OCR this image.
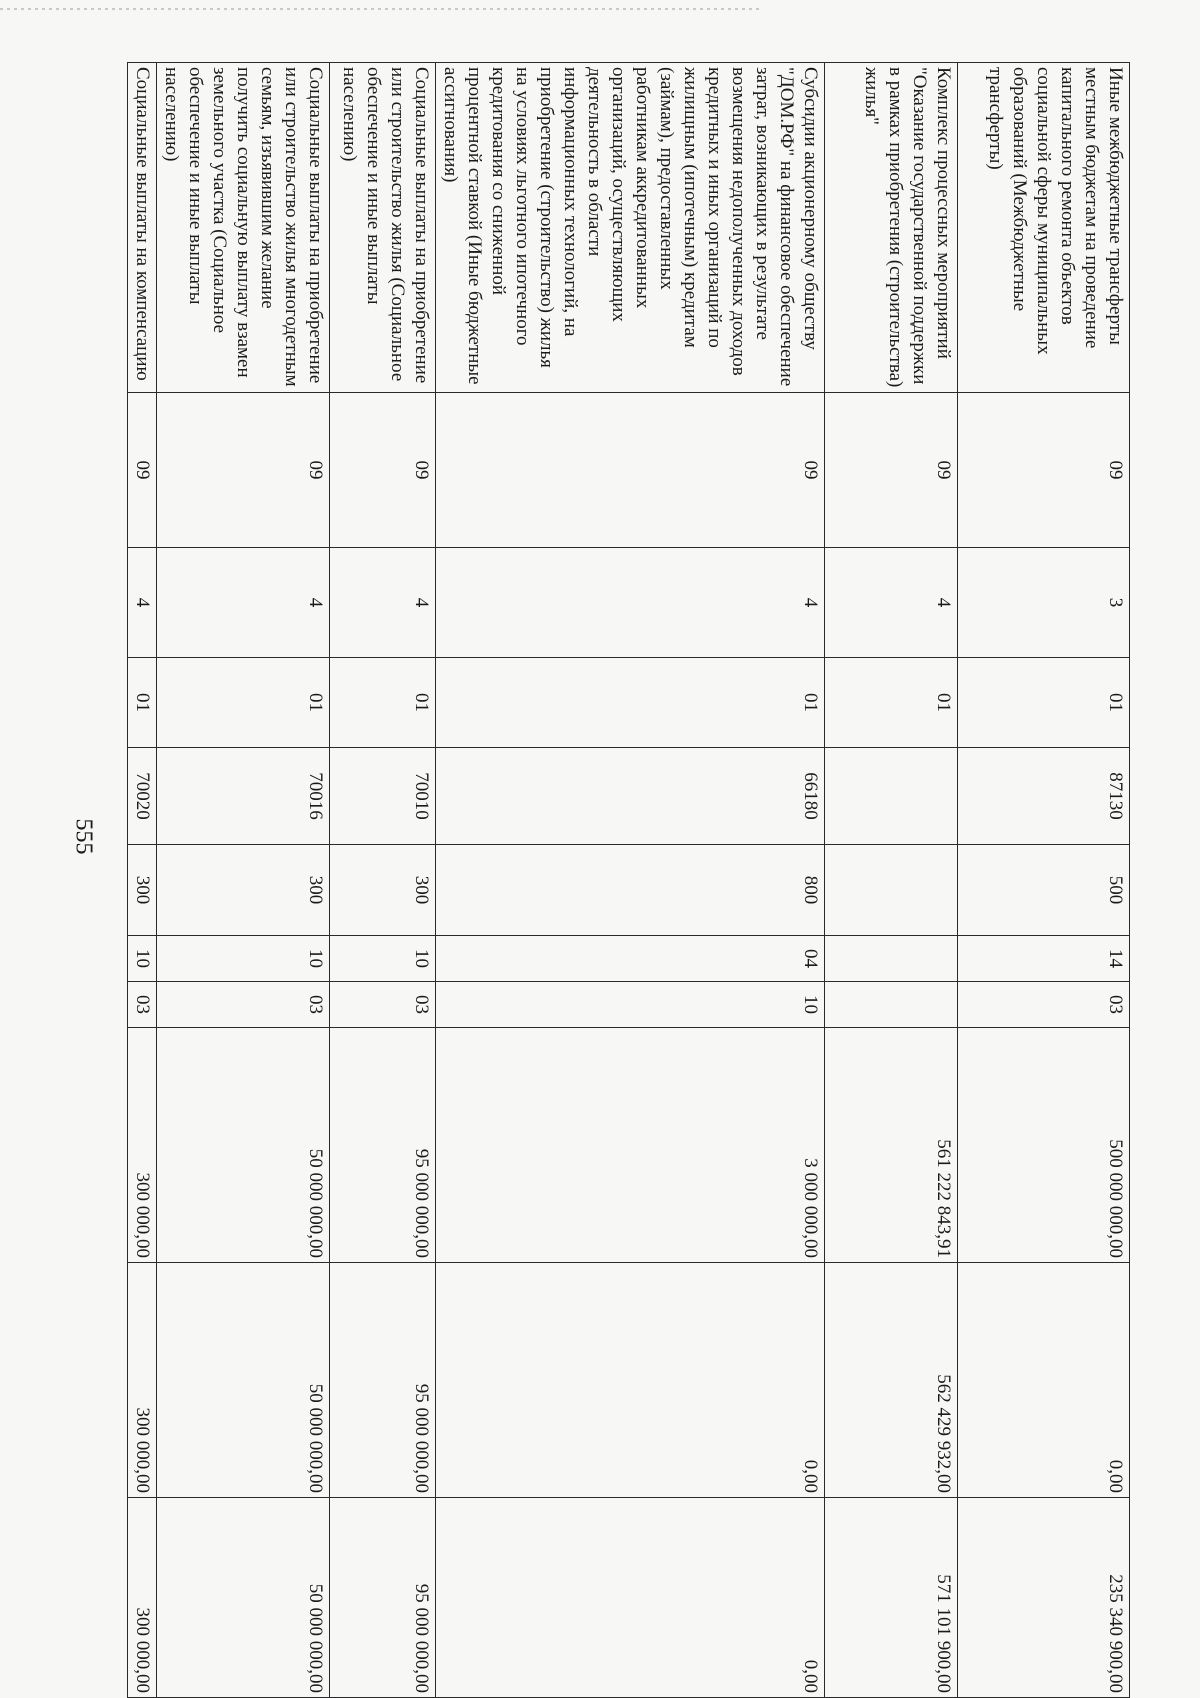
555
Иные межбюджетные трансферты местным бюджетам на проведение капитального ремонта объектов социальной сферы муниципальных образований (Межбюджетные трансферты)	09	3	01	87130	500	14	03	500 000 000,00	0,00	235 340 900,00
Комплекс процессных мероприятий "Оказание государственной поддержки в рамках приобретения (строительства) жилья"	09	4	01					561 222 843,91	562 429 932,00	571 101 900,00
Субсидии акционерному обществу "ДОМ.РФ" на финансовое обеспечение затрат, возникающих в результате возмещения недополученных доходов кредитных и иных организаций по жилищным (ипотечным) кредитам (займам), предоставленных работникам аккредитованных организаций, осуществляющих деятельность в области информационных технологий, на приобретение (строительство) жилья на условиях льготного ипотечного кредитования со сниженной процентной ставкой (Иные бюджетные ассигнования)	09	4	01	66180	800	04	10	3 000 000,00	0,00	0,00
Социальные выплаты на приобретение или строительство жилья (Социальное обеспечение и иные выплаты населению)	09	4	01	70010	300	10	03	95 000 000,00	95 000 000,00	95 000 000,00
Социальные выплаты на приобретение или строительство жилья многодетным семьям, изъявившим желание получить социальную выплату взамен земельного участка (Социальное обеспечение и иные выплаты населению)	09	4	01	70016	300	10	03	50 000 000,00	50 000 000,00	50 000 000,00
Социальные выплаты на компенсацию	09	4	01	70020	300	10	03	300 000,00	300 000,00	300 000,00
